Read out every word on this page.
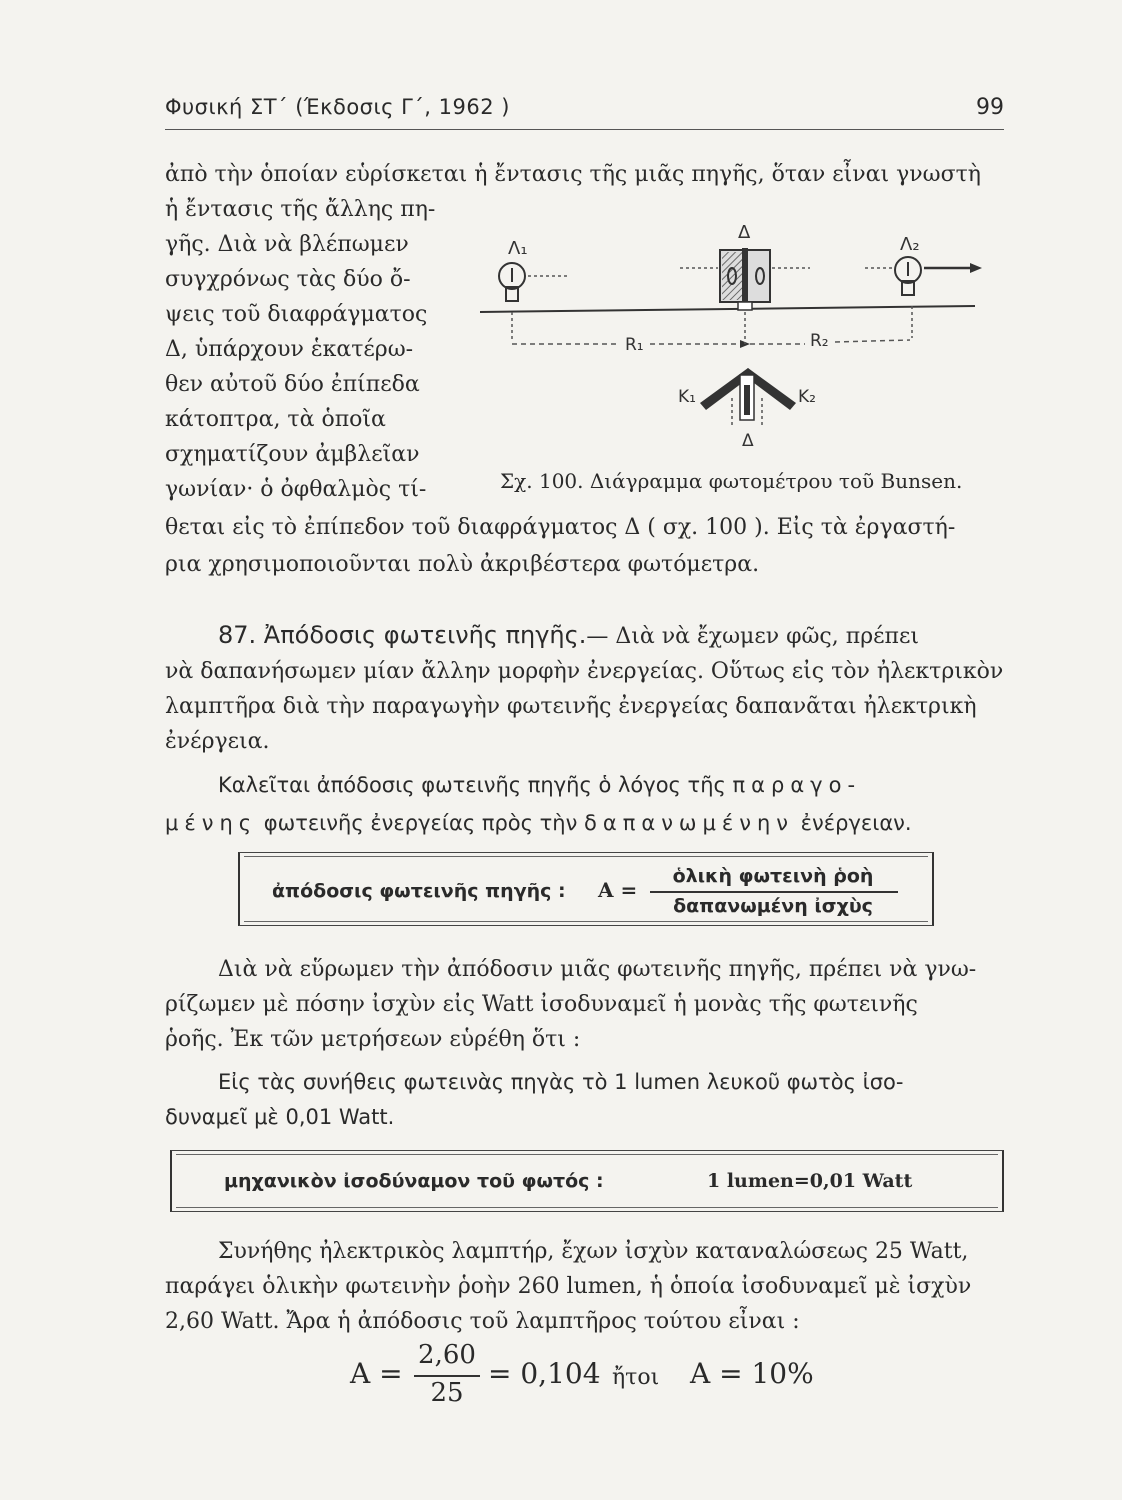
Φυσική ΣΤ΄ (Έκδοσις Γ΄, 1962 )	99
ἀπὸ τὴν ὁποίαν εὑρίσκεται ἡ ἔντασις τῆς μιᾶς πηγῆς, ὅταν εἶναι γνωστὴ
ἡ ἔντασις τῆς ἄλλης πη-
γῆς. Διὰ νὰ βλέπωμεν
συγχρόνως τὰς δύο ὄ-
ψεις τοῦ διαφράγματος
Δ, ὑπάρχουν ἑκατέρω-
θεν αὐτοῦ δύο ἐπίπεδα
κάτοπτρα, τὰ ὁποῖα
σχηματίζουν ἀμβλεῖαν
γωνίαν· ὁ ὀφθαλμὸς τί-
θεται εἰς τὸ ἐπίπεδον τοῦ διαφράγματος Δ ( σχ. 100 ). Εἰς τὰ ἐργαστή-
ρια χρησιμοποιοῦνται πολὺ ἀκριβέστερα φωτόμετρα.
Λ₁
Δ
Λ₂
R₁	R₂
K₁	K₂
Δ
Σχ. 100. Διάγραμμα φωτομέτρου τοῦ Bunsen.
87. Ἀπόδοσις φωτεινῆς πηγῆς.— Διὰ νὰ ἔχωμεν φῶς, πρέπει
νὰ δαπανήσωμεν μίαν ἄλλην μορφὴν ἐνεργείας. Οὕτως εἰς τὸν ἠλεκτρικὸν
λαμπτῆρα διὰ τὴν παραγωγὴν φωτεινῆς ἐνεργείας δαπανᾶται ἠλεκτρικὴ
ἐνέργεια.
Καλεῖται ἀπόδοσις φωτεινῆς πηγῆς ὁ λόγος τῆς παραγο-
μένης φωτεινῆς ἐνεργείας πρὸς τὴν δαπανωμένην ἐνέργειαν.
ἀπόδοσις φωτεινῆς πηγῆς : A =
ὁλικὴ φωτεινὴ ῥοὴ
δαπανωμένη ἰσχὺς
Διὰ νὰ εὕρωμεν τὴν ἀπόδοσιν μιᾶς φωτεινῆς πηγῆς, πρέπει νὰ γνω-
ρίζωμεν μὲ πόσην ἰσχὺν εἰς Watt ἰσοδυναμεῖ ἡ μονὰς τῆς φωτεινῆς
ῥοῆς. Ἐκ τῶν μετρήσεων εὑρέθη ὅτι :
Εἰς τὰς συνήθεις φωτεινὰς πηγὰς τὸ 1 lumen λευκοῦ φωτὸς ἰσο-
δυναμεῖ μὲ 0,01 Watt.
μηχανικὸν ἰσοδύναμον τοῦ φωτός :	1 lumen=0,01 Watt
Συνήθης ἠλεκτρικὸς λαμπτήρ, ἔχων ἰσχὺν καταναλώσεως 25 Watt,
παράγει ὁλικὴν φωτεινὴν ῥοὴν 260 lumen, ἡ ὁποία ἰσοδυναμεῖ μὲ ἰσχὺν
2,60 Watt. Ἄρα ἡ ἀπόδοσις τοῦ λαμπτῆρος τούτου εἶναι :
A =
2,60
25
= 0,104 ἤτοι A = 10%
